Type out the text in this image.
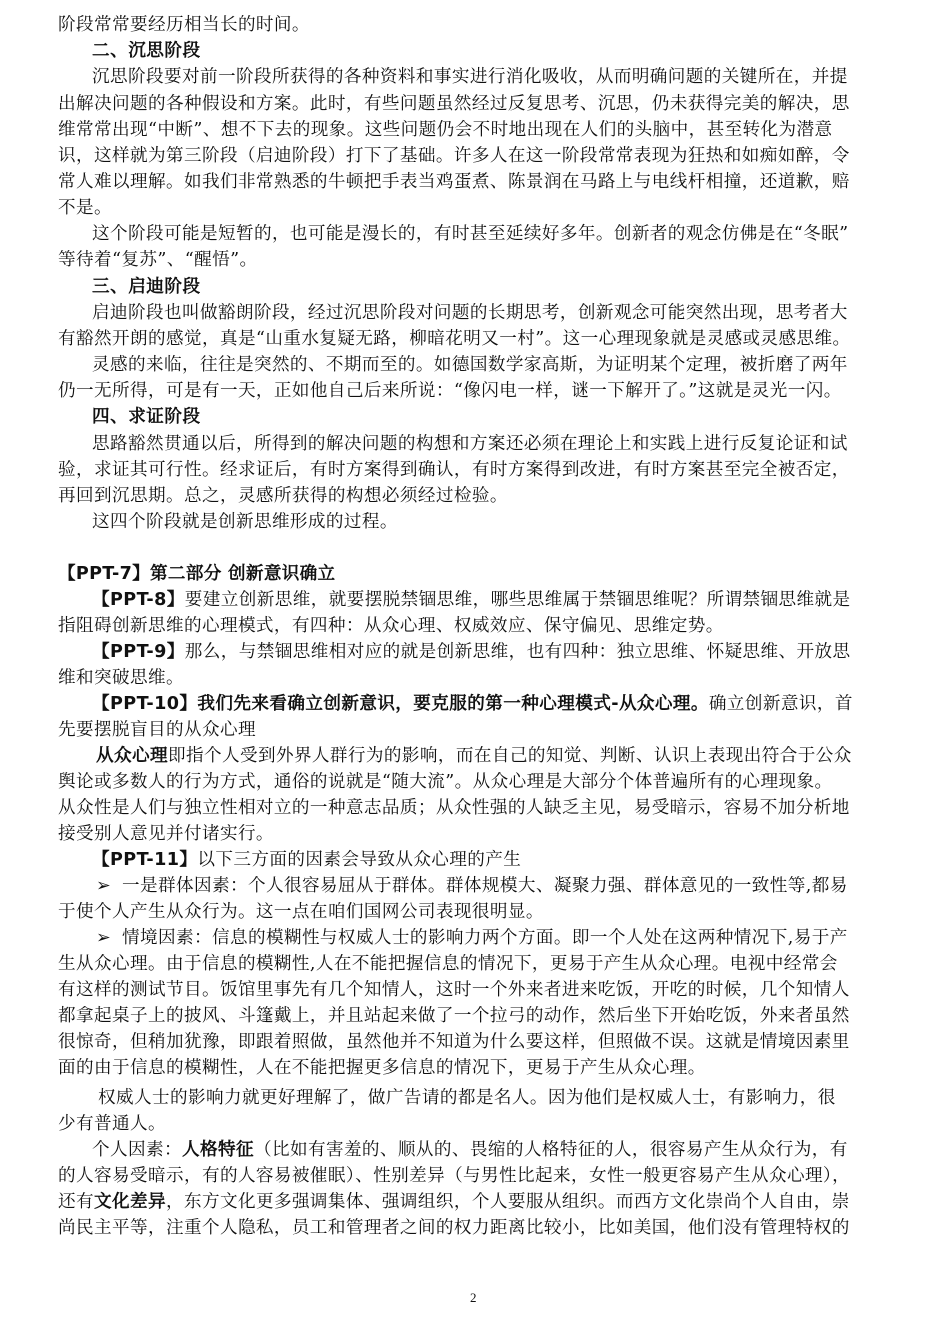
阶段常常要经历相当长的时间。
二、沉思阶段
沉思阶段要对前一阶段所获得的各种资料和事实进行消化吸收，从而明确问题的关键所在，并提
出解决问题的各种假设和方案。此时，有些问题虽然经过反复思考、沉思，仍未获得完美的解决，思
维常常出现“中断”、想不下去的现象。这些问题仍会不时地出现在人们的头脑中，甚至转化为潜意
识，这样就为第三阶段（启迪阶段）打下了基础。许多人在这一阶段常常表现为狂热和如痴如醉，令
常人难以理解。如我们非常熟悉的牛顿把手表当鸡蛋煮、陈景润在马路上与电线杆相撞，还道歉，赔
不是。
这个阶段可能是短暂的，也可能是漫长的，有时甚至延续好多年。创新者的观念仿佛是在“冬眠”
等待着“复苏”、“醒悟”。
三、启迪阶段
启迪阶段也叫做豁朗阶段，经过沉思阶段对问题的长期思考，创新观念可能突然出现，思考者大
有豁然开朗的感觉，真是“山重水复疑无路，柳暗花明又一村”。这一心理现象就是灵感或灵感思维。
灵感的来临，往往是突然的、不期而至的。如德国数学家高斯，为证明某个定理，被折磨了两年
仍一无所得，可是有一天，正如他自己后来所说：“像闪电一样，谜一下解开了。”这就是灵光一闪。
四、求证阶段
思路豁然贯通以后，所得到的解决问题的构想和方案还必须在理论上和实践上进行反复论证和试
验，求证其可行性。经求证后，有时方案得到确认，有时方案得到改进，有时方案甚至完全被否定，
再回到沉思期。总之，灵感所获得的构想必须经过检验。
这四个阶段就是创新思维形成的过程。
【PPT-7】第二部分 创新意识确立
【PPT-8】要建立创新思维，就要摆脱禁锢思维，哪些思维属于禁锢思维呢？所谓禁锢思维就是
指阻碍创新思维的心理模式，有四种：从众心理、权威效应、保守偏见、思维定势。
【PPT-9】那么，与禁锢思维相对应的就是创新思维，也有四种：独立思维、怀疑思维、开放思
维和突破思维。
【PPT-10】我们先来看确立创新意识，要克服的第一种心理模式-从众心理。确立创新意识，首
先要摆脱盲目的从众心理
从众心理即指个人受到外界人群行为的影响，而在自己的知觉、判断、认识上表现出符合于公众
舆论或多数人的行为方式，通俗的说就是“随大流”。从众心理是大部分个体普遍所有的心理现象。
从众性是人们与独立性相对立的一种意志品质；从众性强的人缺乏主见，易受暗示，容易不加分析地
接受别人意见并付诸实行。
【PPT-11】以下三方面的因素会导致从众心理的产生
➢ 一是群体因素：个人很容易屈从于群体。群体规模大、凝聚力强、群体意见的一致性等,都易
于使个人产生从众行为。这一点在咱们国网公司表现很明显。
➢ 情境因素：信息的模糊性与权威人士的影响力两个方面。即一个人处在这两种情况下,易于产
生从众心理。由于信息的模糊性,人在不能把握信息的情况下，更易于产生从众心理。电视中经常会
有这样的测试节目。饭馆里事先有几个知情人，这时一个外来者进来吃饭，开吃的时候，几个知情人
都拿起桌子上的披风、斗篷戴上，并且站起来做了一个拉弓的动作，然后坐下开始吃饭，外来者虽然
很惊奇，但稍加犹豫，即跟着照做，虽然他并不知道为什么要这样，但照做不误。这就是情境因素里
面的由于信息的模糊性，人在不能把握更多信息的情况下，更易于产生从众心理。
权威人士的影响力就更好理解了，做广告请的都是名人。因为他们是权威人士，有影响力，很
少有普通人。
个人因素：人格特征（比如有害羞的、顺从的、畏缩的人格特征的人，很容易产生从众行为，有
的人容易受暗示，有的人容易被催眠）、性别差异（与男性比起来，女性一般更容易产生从众心理），
还有文化差异，东方文化更多强调集体、强调组织，个人要服从组织。而西方文化崇尚个人自由，崇
尚民主平等，注重个人隐私，员工和管理者之间的权力距离比较小，比如美国，他们没有管理特权的
2
